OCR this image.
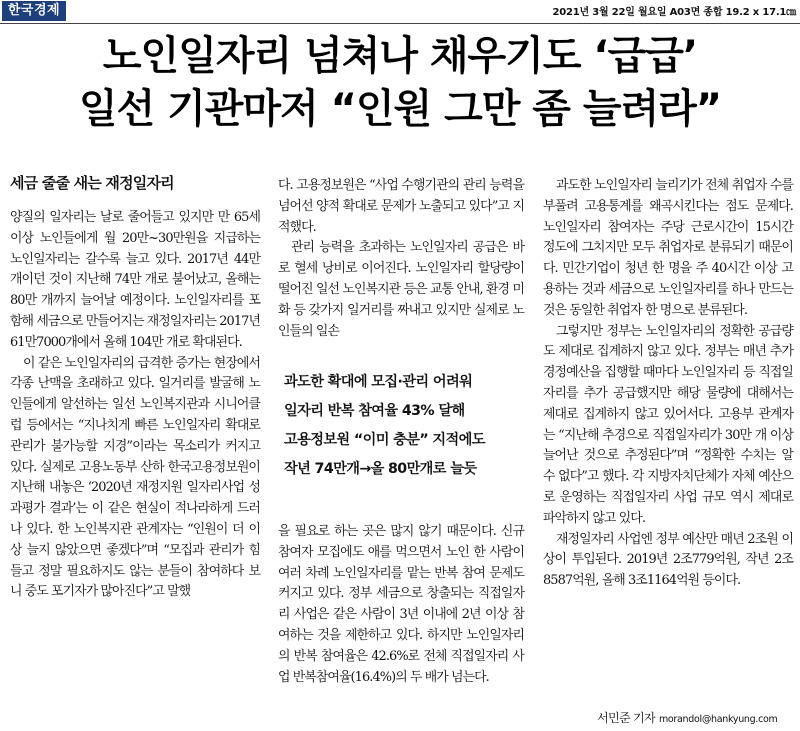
한국경제	2021년 3월 22일 월요일 A03면 종합 19.2 x 17.1㎝
노인일자리 넘쳐나 채우기도 ‘급급’
일선 기관마저 “인원 그만 좀 늘려라”
세금 줄줄 새는 재정일자리

양질의 일자리는 날로 줄어들고 있지만 만 65세 이상 노인들에게 월 20만~30만원을 지급하는 노인일자리는 갈수록 늘고 있다. 2017년 44만 개이던 것이 지난해 74만 개로 불어났고, 올해는 80만 개까지 늘어날 예정이다. 노인일자리를 포함해 세금으로 만들어지는 재정일자리는 2017년 61만7000개에서 올해 104만 개로 확대된다.

이 같은 노인일자리의 급격한 증가는 현장에서 각종 난맥을 초래하고 있다. 일거리를 발굴해 노인들에게 알선하는 일선 노인복지관과 시니어클럽 등에서는 “지나치게 빠른 노인일자리 확대로 관리가 불가능할 지경”이라는 목소리가 커지고 있다. 실제로 고용노동부 산하 한국고용정보원이 지난해 내놓은 ‘2020년 재정지원 일자리사업 성과평가 결과’는 이 같은 현실이 적나라하게 드러나 있다. 한 노인복지관 관계자는 “인원이 더 이상 늘지 않았으면 좋겠다”며 “모집과 관리가 힘들고 정말 필요하지도 않는 분들이 참여하다 보니 중도 포기자가 많아진다”고 말했

다. 고용정보원은 “사업 수행기관의 관리 능력을 넘어선 양적 확대로 문제가 노출되고 있다”고 지적했다.

관리 능력을 초과하는 노인일자리 공급은 바로 혈세 낭비로 이어진다. 노인일자리 할당량이 떨어진 일선 노인복지관 등은 교통 안내, 환경 미화 등 갖가지 일거리를 짜내고 있지만 실제로 노인들의 일손

과도한 확대에 모집·관리 어려워
일자리 반복 참여율 43% 달해
고용정보원 “이미 충분” 지적에도
작년 74만개→올 80만개로 늘듯

을 필요로 하는 곳은 많지 않기 때문이다. 신규 참여자 모집에도 애를 먹으면서 노인 한 사람이 여러 차례 노인일자리를 맡는 반복 참여 문제도 커지고 있다. 정부 세금으로 창출되는 직접일자리 사업은 같은 사람이 3년 이내에 2년 이상 참여하는 것을 제한하고 있다. 하지만 노인일자리의 반복 참여율은 42.6%로 전체 직접일자리 사업 반복참여율(16.4%)의 두 배가 넘는다.

과도한 노인일자리 늘리기가 전체 취업자 수를 부풀려 고용통계를 왜곡시킨다는 점도 문제다. 노인일자리 참여자는 주당 근로시간이 15시간 정도에 그치지만 모두 취업자로 분류되기 때문이다. 민간기업이 청년 한 명을 주 40시간 이상 고용하는 것과 세금으로 노인일자리를 하나 만드는 것은 동일한 취업자 한 명으로 분류된다.

그렇지만 정부는 노인일자리의 정확한 공급량도 제대로 집계하지 않고 있다. 정부는 매년 추가경정예산을 집행할 때마다 노인일자리 등 직접일자리를 추가 공급했지만 해당 물량에 대해서는 제대로 집계하지 않고 있어서다. 고용부 관계자는 “지난해 추경으로 직접일자리가 30만 개 이상 늘어난 것으로 추정된다”며 “정확한 수치는 알 수 없다”고 했다. 각 지방자치단체가 자체 예산으로 운영하는 직접일자리 사업 규모 역시 제대로 파악하지 않고 있다.

재정일자리 사업엔 정부 예산만 매년 2조원 이상이 투입된다. 2019년 2조779억원, 작년 2조8587억원, 올해 3조1164억원 등이다.

서민준 기자 morandol@hankyung.com
